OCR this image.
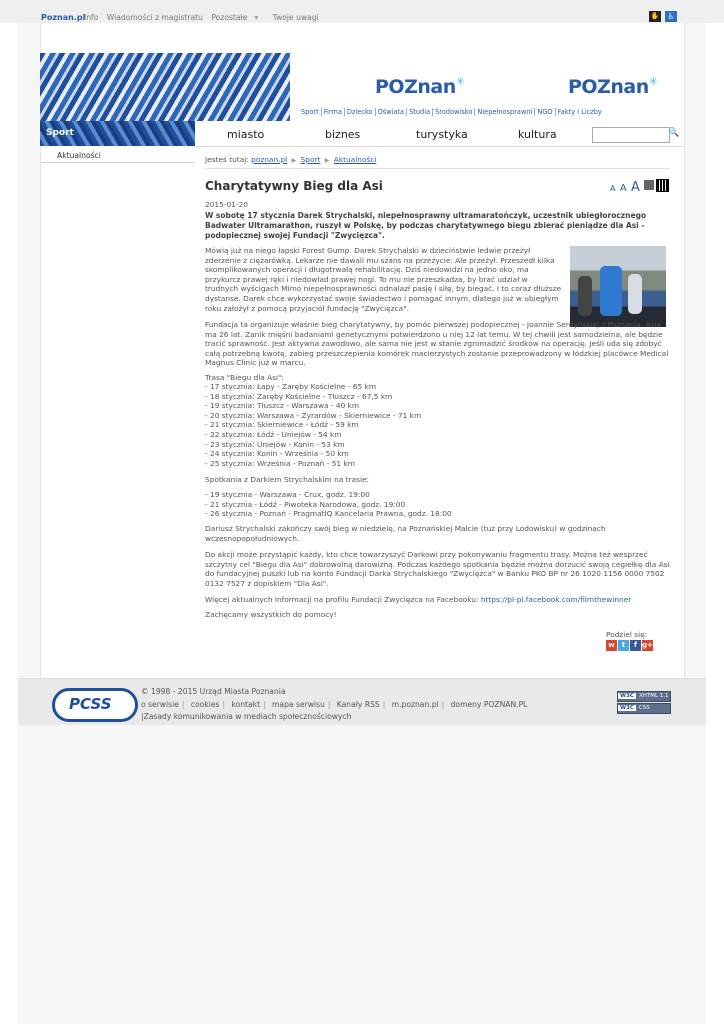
Poznan.pl
Info Wiadomości z magistratu Pozostałe ▾ Twoje uwagi	✋	♿
POZnan✳	POZnan✳
Sport Firma Dziecko Oświata Studia Środowisko Niepełnosprawni NGO Fakty i Liczby
Sport	miasto	biznes	turystyka	kultura	🔍
Aktualności	Jesteś tutaj: poznan.pl ▶ Sport ▶ Aktualności
Charytatywny Bieg dla Asi	A A A
2015-01-20
W sobotę 17 stycznia Darek Strychalski, niepełnosprawny ultramaratończyk, uczestnik ubiegłorocznego Badwater Ultramarathon, ruszył w Polskę, by podczas charytatywnego biegu zbierać pieniądze dla Asi - podopiecznej swojej Fundacji "Zwycięzca".
Mówią już na niego łapski Forest Gump. Darek Strychalski w dzieciństwie ledwie przeżył zderzenie z ciężarówką. Lekarze nie dawali mu szans na przeżycie. Ale przeżył. Przeszedł kilka skomplikowanych operacji i długotrwałą rehabilitację. Dziś niedowidzi na jedno oko, ma przykurcz prawej ręki i niedowład prawej nogi. To mu nie przeszkadza, by brać udział w trudnych wyścigach Mimo niepełnosprawności odnalazł pasję i siłę, by biegać. I to coraz dłuższe dystanse. Darek chce wykorzystać swoje świadectwo i pomagać innym, dlatego już w ubiegłym roku założył z pomocą przyjaciół fundację "Zwycięzca".
Fundacja ta organizuje właśnie bieg charytatywny, by pomóc pierwszej podopiecznej - Joannie Serdyńskiej z Poznania. Asia ma 26 lat. Zanik mięśni badaniami genetycznymi potwierdzono u niej 12 lat temu. W tej chwili jest samodzielna, ale będzie tracić sprawność. Jest aktywna zawodowo, ale sama nie jest w stanie zgromadzić środków na operację. Jeśli uda się zdobyć całą potrzebną kwotę, zabieg przeszczepienia komórek macierzystych zostanie przeprowadzony w łódzkiej placówce Medical Magnus Clinic już w marcu.
Trasa "Biegu dla Asi":
- 17 stycznia: Łapy - Zaręby Kościelne - 65 km
- 18 stycznia: Zaręby Kościelne - Tłuszcz - 67,5 km
- 19 stycznia: Tłuszcz - Warszawa - 40 km
- 20 stycznia: Warszawa - Żyrardów - Skierniewice - 71 km
- 21 stycznia: Skierniewice - Łódź - 59 km
- 22 stycznia: Łódź - Uniejów - 54 km
- 23 stycznia: Uniejów - Konin - 53 km
- 24 stycznia: Konin - Września - 50 km
- 25 stycznia: Września - Poznań - 51 km
Spotkania z Darkiem Strychalskim na trasie:
- 19 stycznia - Warszawa - Crux, godz. 19:00
- 21 stycznia - Łódź - Piwoteka Narodowa, godz. 19:00
- 26 stycznia - Poznań - PragmatIQ Kancelaria Prawna, godz. 18:00
Dariusz Strychalski zakończy swój bieg w niedzielę, na Poznańskiej Malcie (tuż przy Lodowisku) w godzinach wczesnopopołudniowych.
Do akcji może przystąpić każdy, kto chce towarzyszyć Darkowi przy pokonywaniu fragmentu trasy. Można też wesprzeć szczytny cel "Biegu dla Asi" dobrowolną darowizną. Podczas każdego spotkania będzie można dorzucić swoją cegiełkę dla Asi do fundacyjnej puszki lub na konto Fundacji Darka Strychalskiego "Zwycięzca" w Banku PKO BP nr 26 1020 1156 0000 7502 0132 7527 z dopiskiem "Dla Asi".
Więcej aktualnych informacji na profilu Fundacji Zwycięzca na Facebooku: https://pl-pl.facebook.com/filmthewinner
Zachęcamy wszystkich do pomocy!
Podziel się:
w t f g+
PCSS
© 1998 - 2015 Urząd Miasta Poznania
o serwisie | cookies | kontakt | mapa serwisu | Kanały RSS | m.poznan.pl | domeny POZNAN.PL
|Zasady komunikowania w mediach społecznościowych
W3C XHTML 1.1
W3C CSS
